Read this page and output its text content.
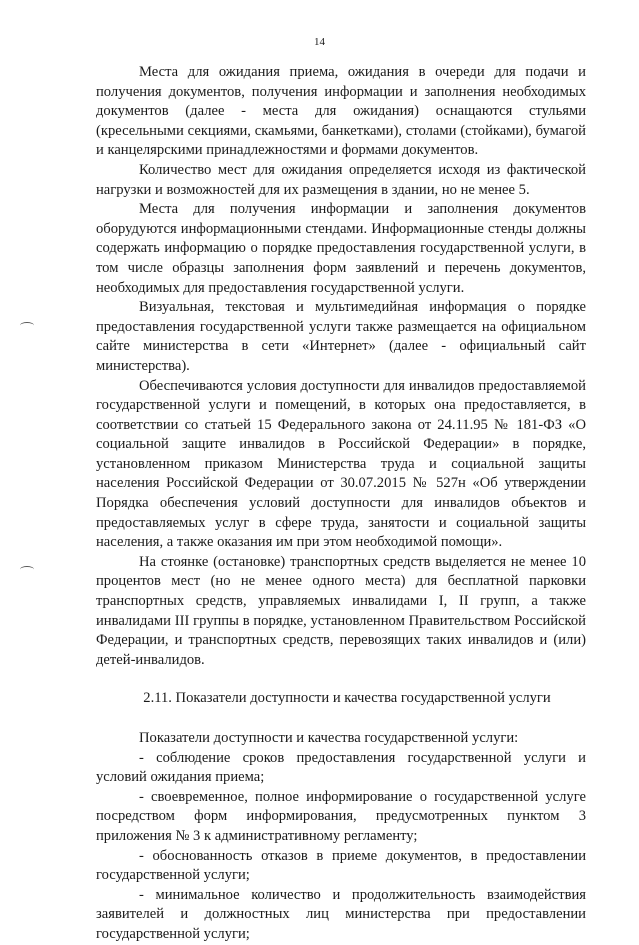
14

Места для ожидания приема, ожидания в очереди для подачи и получения документов, получения информации и заполнения необходимых документов (далее - места для ожидания) оснащаются стульями (кресельными секциями, скамьями, банкетками), столами (стойками), бумагой и канцелярскими принадлежностями и формами документов.

Количество мест для ожидания определяется исходя из фактической нагрузки и возможностей для их размещения в здании, но не менее 5.

Места для получения информации и заполнения документов оборудуются информационными стендами. Информационные стенды должны содержать информацию о порядке предоставления государственной услуги, в том числе образцы заполнения форм заявлений и перечень документов, необходимых для предоставления государственной услуги.

Визуальная, текстовая и мультимедийная информация о порядке предоставления государственной услуги также размещается на официальном сайте министерства в сети «Интернет» (далее - официальный сайт министерства).

Обеспечиваются условия доступности для инвалидов предоставляемой государственной услуги и помещений, в которых она предоставляется, в соответствии со статьей 15 Федерального закона от 24.11.95 № 181-ФЗ «О социальной защите инвалидов в Российской Федерации» в порядке, установленном приказом Министерства труда и социальной защиты населения Российской Федерации от 30.07.2015 № 527н «Об утверждении Порядка обеспечения условий доступности для инвалидов объектов и предоставляемых услуг в сфере труда, занятости и социальной защиты населения, а также оказания им при этом необходимой помощи».

На стоянке (остановке) транспортных средств выделяется не менее 10 процентов мест (но не менее одного места) для бесплатной парковки транспортных средств, управляемых инвалидами I, II групп, а также инвалидами III группы в порядке, установленном Правительством Российской Федерации, и транспортных средств, перевозящих таких инвалидов и (или) детей-инвалидов.

2.11. Показатели доступности и качества государственной услуги

Показатели доступности и качества государственной услуги:

- соблюдение сроков предоставления государственной услуги и условий ожидания приема;

- своевременное, полное информирование о государственной услуге посредством форм информирования, предусмотренных пунктом 3 приложения № 3 к административному регламенту;

- обоснованность отказов в приеме документов, в предоставлении государственной услуги;

- минимальное количество и продолжительность взаимодействия заявителей и должностных лиц министерства при предоставлении государственной услуги;
